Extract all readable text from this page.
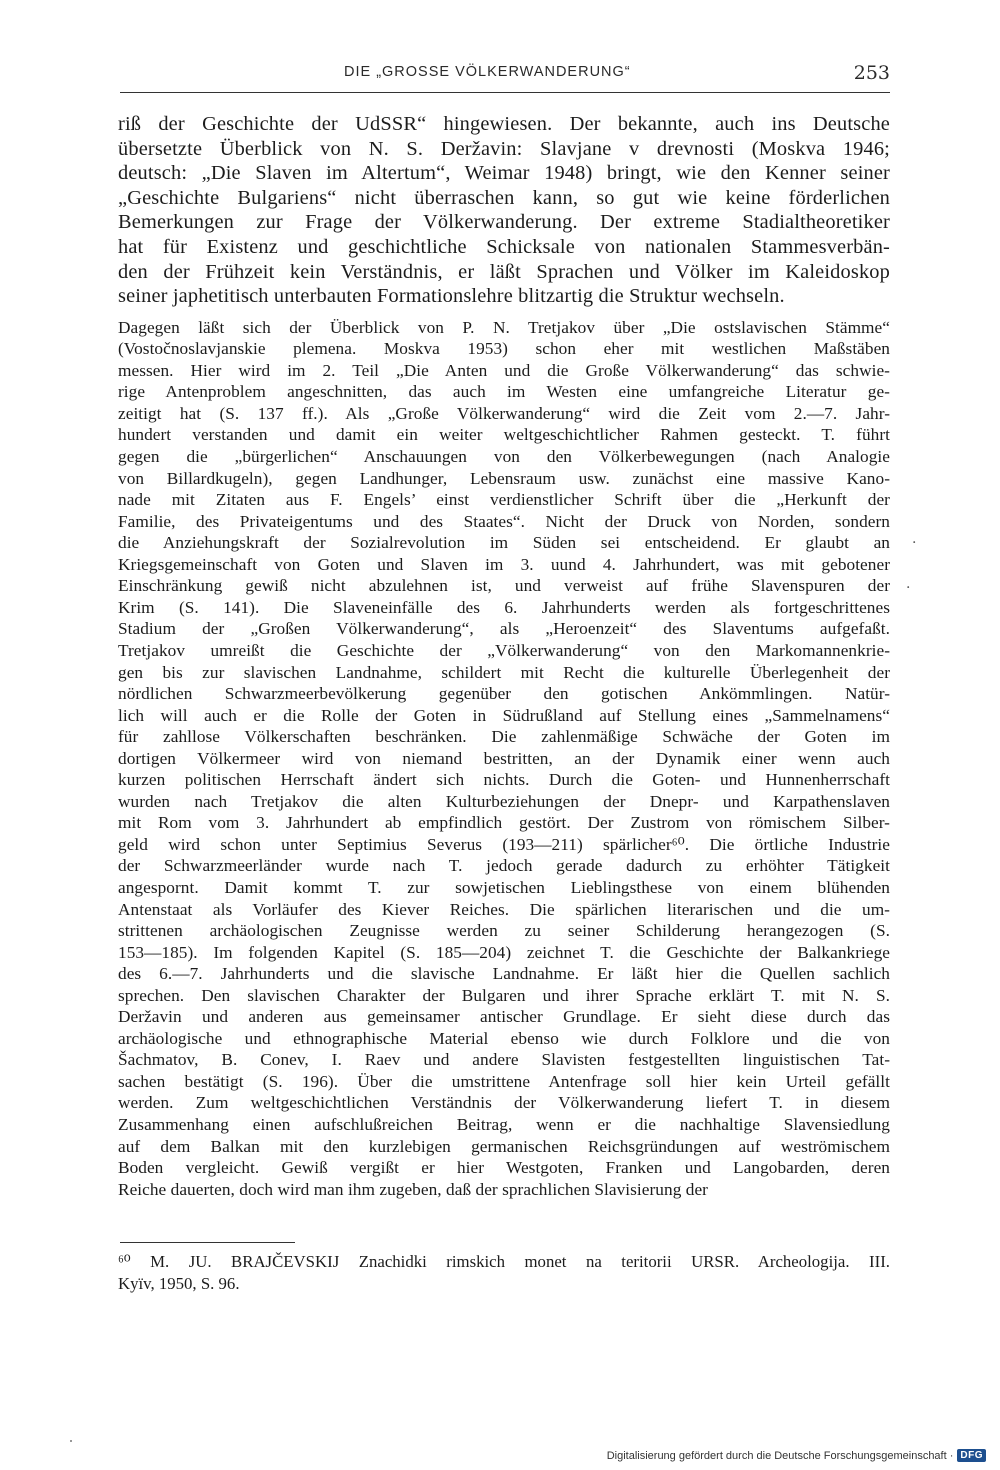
DIE „GROSSE VÖLKERWANDERUNG“	253

riß der Geschichte der UdSSR“ hingewiesen. Der bekannte, auch ins Deutsche
übersetzte Überblick von N. S. Deržavin: Slavjane v drevnosti (Moskva 1946;
deutsch: „Die Slaven im Altertum“, Weimar 1948) bringt, wie den Kenner seiner
„Geschichte Bulgariens“ nicht überraschen kann, so gut wie keine förderlichen
Bemerkungen zur Frage der Völkerwanderung. Der extreme Stadialtheoretiker
hat für Existenz und geschichtliche Schicksale von nationalen Stammesverbän-
den der Frühzeit kein Verständnis, er läßt Sprachen und Völker im Kaleidoskop
seiner japhetitisch unterbauten Formationslehre blitzartig die Struktur wechseln.

Dagegen läßt sich der Überblick von P. N. Tretjakov über „Die ostslavischen Stämme“
(Vostočnoslavjanskie plemena. Moskva 1953) schon eher mit westlichen Maßstäben
messen. Hier wird im 2. Teil „Die Anten und die Große Völkerwanderung“ das schwie-
rige Antenproblem angeschnitten, das auch im Westen eine umfangreiche Literatur ge-
zeitigt hat (S. 137 ff.). Als „Große Völkerwanderung“ wird die Zeit vom 2.—7. Jahr-
hundert verstanden und damit ein weiter weltgeschichtlicher Rahmen gesteckt. T. führt
gegen die „bürgerlichen“ Anschauungen von den Völkerbewegungen (nach Analogie
von Billardkugeln), gegen Landhunger, Lebensraum usw. zunächst eine massive Kano-
nade mit Zitaten aus F. Engels’ einst verdienstlicher Schrift über die „Herkunft der
Familie, des Privateigentums und des Staates“. Nicht der Druck von Norden, sondern
die Anziehungskraft der Sozialrevolution im Süden sei entscheidend. Er glaubt an
Kriegsgemeinschaft von Goten und Slaven im 3. uund 4. Jahrhundert, was mit gebotener
Einschränkung gewiß nicht abzulehnen ist, und verweist auf frühe Slavenspuren der
Krim (S. 141). Die Slaveneinfälle des 6. Jahrhunderts werden als fortgeschrittenes
Stadium der „Großen Völkerwanderung“, als „Heroenzeit“ des Slaventums aufgefaßt.
Tretjakov umreißt die Geschichte der „Völkerwanderung“ von den Markomannenkrie-
gen bis zur slavischen Landnahme, schildert mit Recht die kulturelle Überlegenheit der
nördlichen Schwarzmeerbevölkerung gegenüber den gotischen Ankömmlingen. Natür-
lich will auch er die Rolle der Goten in Südrußland auf Stellung eines „Sammelnamens“
für zahllose Völkerschaften beschränken. Die zahlenmäßige Schwäche der Goten im
dortigen Völkermeer wird von niemand bestritten, an der Dynamik einer wenn auch
kurzen politischen Herrschaft ändert sich nichts. Durch die Goten- und Hunnenherrschaft
wurden nach Tretjakov die alten Kulturbeziehungen der Dnepr- und Karpathenslaven
mit Rom vom 3. Jahrhundert ab empfindlich gestört. Der Zustrom von römischem Silber-
geld wird schon unter Septimius Severus (193—211) spärlicher⁶⁰. Die örtliche Industrie
der Schwarzmeerländer wurde nach T. jedoch gerade dadurch zu erhöhter Tätigkeit
angespornt. Damit kommt T. zur sowjetischen Lieblingsthese von einem blühenden
Antenstaat als Vorläufer des Kiever Reiches. Die spärlichen literarischen und die um-
strittenen archäologischen Zeugnisse werden zu seiner Schilderung herangezogen (S.
153—185). Im folgenden Kapitel (S. 185—204) zeichnet T. die Geschichte der Balkankriege
des 6.—7. Jahrhunderts und die slavische Landnahme. Er läßt hier die Quellen sachlich
sprechen. Den slavischen Charakter der Bulgaren und ihrer Sprache erklärt T. mit N. S.
Deržavin und anderen aus gemeinsamer antischer Grundlage. Er sieht diese durch das
archäologische und ethnographische Material ebenso wie durch Folklore und die von
Šachmatov, B. Conev, I. Raev und andere Slavisten festgestellten linguistischen Tat-
sachen bestätigt (S. 196). Über die umstrittene Antenfrage soll hier kein Urteil gefällt
werden. Zum weltgeschichtlichen Verständnis der Völkerwanderung liefert T. in diesem
Zusammenhang einen aufschlußreichen Beitrag, wenn er die nachhaltige Slavensiedlung
auf dem Balkan mit den kurzlebigen germanischen Reichsgründungen auf weströmischem
Boden vergleicht. Gewiß vergißt er hier Westgoten, Franken und Langobarden, deren
Reiche dauerten, doch wird man ihm zugeben, daß der sprachlichen Slavisierung der

⁶⁰ M. JU. BRAJČEVSKIJ Znachidki rimskich monet na teritorii URSR. Archeologija. III.
Kyïv, 1950, S. 96.
·
·
Digitalisierung gefördert durch die Deutsche Forschungsgemeinschaft · DFG
